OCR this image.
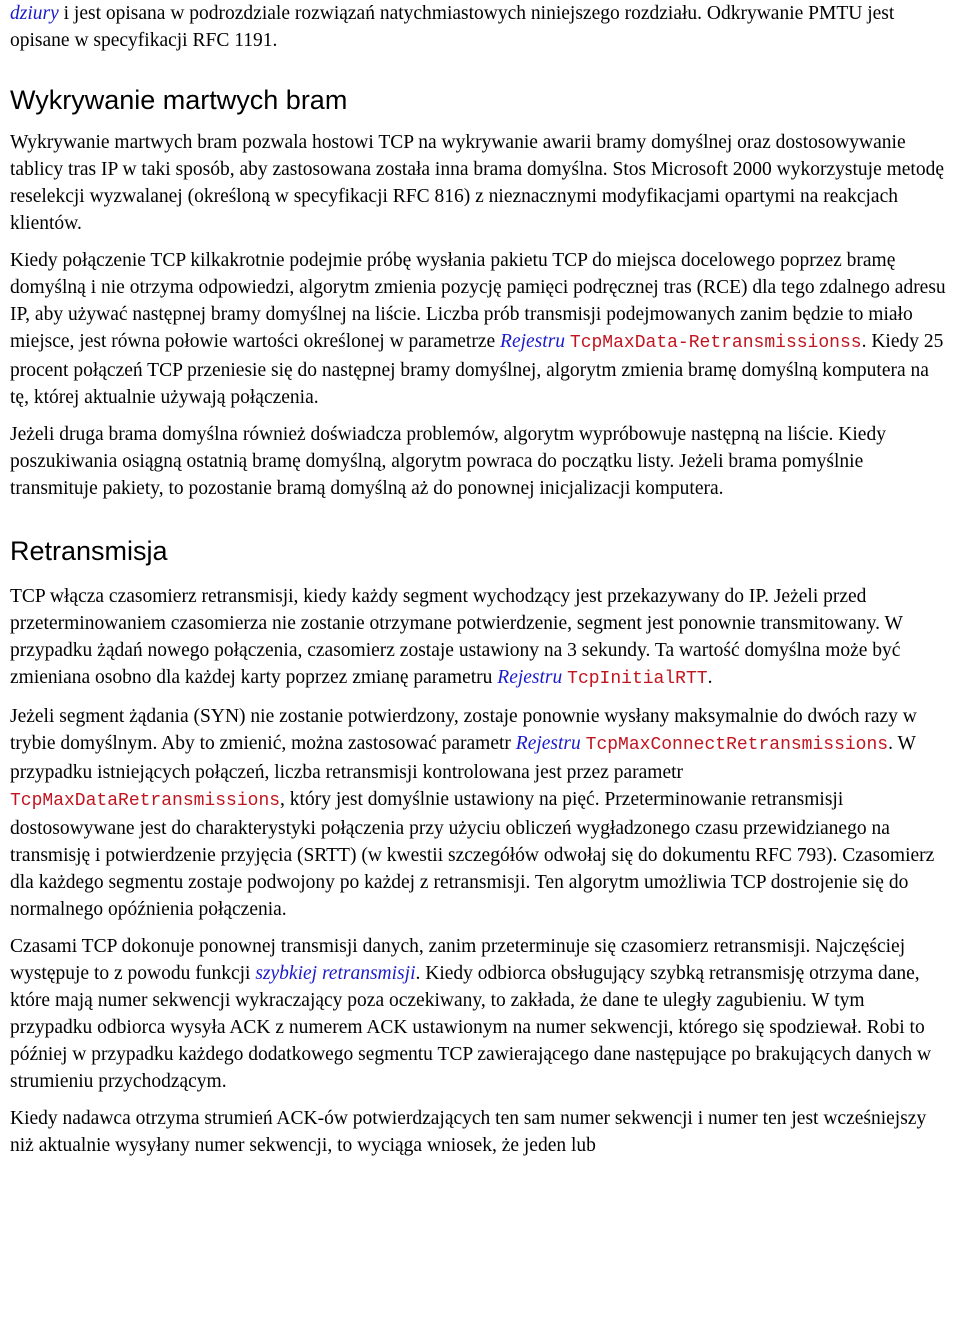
dziury i jest opisana w podrozdziale rozwiązań natychmiastowych niniejszego rozdziału. Odkrywanie PMTU jest opisane w specyfikacji RFC 1191.

Wykrywanie martwych bram

Wykrywanie martwych bram pozwala hostowi TCP na wykrywanie awarii bramy domyślnej oraz dostosowywanie tablicy tras IP w taki sposób, aby zastosowana została inna brama domyślna. Stos Microsoft 2000 wykorzystuje metodę reselekcji wyzwalanej (określoną w specyfikacji RFC 816) z nieznacznymi modyfikacjami opartymi na reakcjach klientów.

Kiedy połączenie TCP kilkakrotnie podejmie próbę wysłania pakietu TCP do miejsca docelowego poprzez bramę domyślną i nie otrzyma odpowiedzi, algorytm zmienia pozycję pamięci podręcznej tras (RCE) dla tego zdalnego adresu IP, aby używać następnej bramy domyślnej na liście. Liczba prób transmisji podejmowanych zanim będzie to miało miejsce, jest równa połowie wartości określonej w parametrze Rejestru TcpMaxData-Retransmissionss. Kiedy 25 procent połączeń TCP przeniesie się do następnej bramy domyślnej, algorytm zmienia bramę domyślną komputera na tę, której aktualnie używają połączenia.

Jeżeli druga brama domyślna również doświadcza problemów, algorytm wypróbowuje następną na liście. Kiedy poszukiwania osiągną ostatnią bramę domyślną, algorytm powraca do początku listy. Jeżeli brama pomyślnie transmituje pakiety, to pozostanie bramą domyślną aż do ponownej inicjalizacji komputera.

Retransmisja

TCP włącza czasomierz retransmisji, kiedy każdy segment wychodzący jest przekazywany do IP. Jeżeli przed przeterminowaniem czasomierza nie zostanie otrzymane potwierdzenie, segment jest ponownie transmitowany. W przypadku żądań nowego połączenia, czasomierz zostaje ustawiony na 3 sekundy. Ta wartość domyślna może być zmieniana osobno dla każdej karty poprzez zmianę parametru Rejestru TcpInitialRTT.

Jeżeli segment żądania (SYN) nie zostanie potwierdzony, zostaje ponownie wysłany maksymalnie do dwóch razy w trybie domyślnym. Aby to zmienić, można zastosować parametr Rejestru TcpMaxConnectRetransmissions. W przypadku istniejących połączeń, liczba retransmisji kontrolowana jest przez parametr TcpMaxDataRetransmissions, który jest domyślnie ustawiony na pięć. Przeterminowanie retransmisji dostosowywane jest do charakterystyki połączenia przy użyciu obliczeń wygładzonego czasu przewidzianego na transmisję i potwierdzenie przyjęcia (SRTT) (w kwestii szczegółów odwołaj się do dokumentu RFC 793). Czasomierz dla każdego segmentu zostaje podwojony po każdej z retransmisji. Ten algorytm umożliwia TCP dostrojenie się do normalnego opóźnienia połączenia.

Czasami TCP dokonuje ponownej transmisji danych, zanim przeterminuje się czasomierz retransmisji. Najczęściej występuje to z powodu funkcji szybkiej retransmisji. Kiedy odbiorca obsługujący szybką retransmisję otrzyma dane, które mają numer sekwencji wykraczający poza oczekiwany, to zakłada, że dane te uległy zagubieniu. W tym przypadku odbiorca wysyła ACK z numerem ACK ustawionym na numer sekwencji, którego się spodziewał. Robi to później w przypadku każdego dodatkowego segmentu TCP zawierającego dane następujące po brakujących danych w strumieniu przychodzącym.

Kiedy nadawca otrzyma strumień ACK-ów potwierdzających ten sam numer sekwencji i numer ten jest wcześniejszy niż aktualnie wysyłany numer sekwencji, to wyciąga wniosek, że jeden lub
